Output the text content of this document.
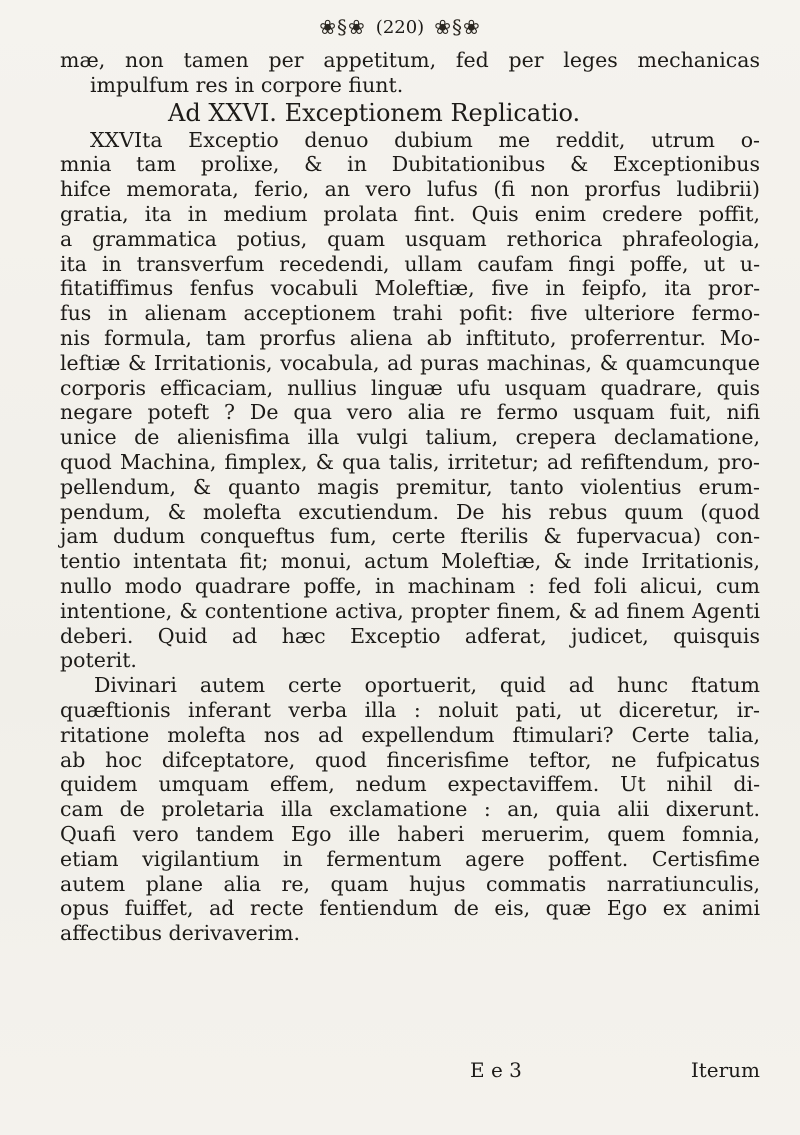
❀§❀ (220) ❀§❀
mæ, non tamen per appetitum, fed per leges mechanicas
impulfum res in corpore fiunt.
Ad XXVI. Exceptionem Replicatio.
XXVIta Exceptio denuo dubium me reddit, utrum o-
mnia tam prolixe, & in Dubitationibus & Exceptionibus
hifce memorata, ferio, an vero lufus (fi non prorfus ludibrii)
gratia, ita in medium prolata fint. Quis enim credere poffit,
a grammatica potius, quam usquam rethorica phrafeologia,
ita in transverfum recedendi, ullam caufam fingi poffe, ut u-
fitatiffimus fenfus vocabuli Moleftiæ, five in feipfo, ita pror-
fus in alienam acceptionem trahi pofit: five ulteriore fermo-
nis formula, tam prorfus aliena ab inftituto, proferrentur. Mo-
leftiæ & Irritationis, vocabula, ad puras machinas, & quamcunque
corporis efficaciam, nullius linguæ ufu usquam quadrare, quis
negare poteft ? De qua vero alia re fermo usquam fuit, nifi
unice de alienisfima illa vulgi talium, crepera declamatione,
quod Machina, fimplex, & qua talis, irritetur; ad refiftendum, pro-
pellendum, & quanto magis premitur, tanto violentius erum-
pendum, & molefta excutiendum. De his rebus quum (quod
jam dudum conqueftus fum, certe fterilis & fupervacua) con-
tentio intentata fit; monui, actum Moleftiæ, & inde Irritationis,
nullo modo quadrare poffe, in machinam : fed foli alicui, cum
intentione, & contentione activa, propter finem, & ad finem Agenti
deberi. Quid ad hæc Exceptio adferat, judicet, quisquis
poterit.
Divinari autem certe oportuerit, quid ad hunc ftatum
quæftionis inferant verba illa : noluit pati, ut diceretur, ir-
ritatione molefta nos ad expellendum ftimulari? Certe talia,
ab hoc difceptatore, quod fincerisfime teftor, ne fufpicatus
quidem umquam effem, nedum expectaviffem. Ut nihil di-
cam de proletaria illa exclamatione : an, quia alii dixerunt.
Quafi vero tandem Ego ille haberi meruerim, quem fomnia,
etiam vigilantium in fermentum agere poffent. Certisfime
autem plane alia re, quam hujus commatis narratiunculis,
opus fuiffet, ad recte fentiendum de eis, quæ Ego ex animi
affectibus derivaverim.
E e 3	Iterum
